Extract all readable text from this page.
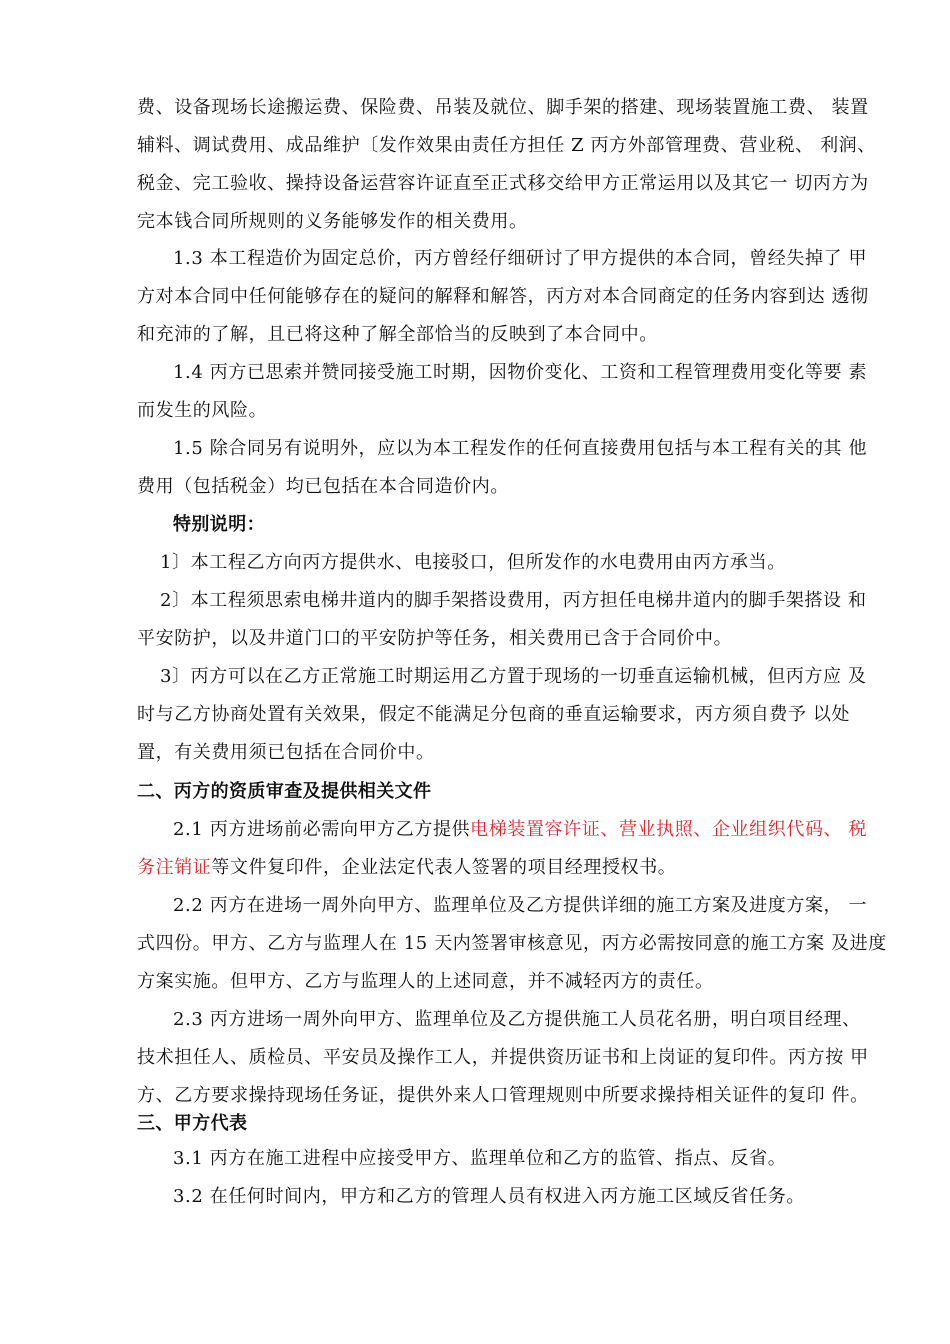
费、设备现场长途搬运费、保险费、吊装及就位、脚手架的搭建、现场装置施工费、 装置
辅料、调试费用、成品维护〔发作效果由责任方担任 Z 丙方外部管理费、营业税、 利润、
税金、完工验收、操持设备运营容许证直至正式移交给甲方正常运用以及其它一 切丙方为
完本钱合同所规则的义务能够发作的相关费用。
1.3 本工程造价为固定总价，丙方曾经仔细研讨了甲方提供的本合同，曾经失掉了 甲
方对本合同中任何能够存在的疑问的解释和解答，丙方对本合同商定的任务内容到达 透彻
和充沛的了解，且已将这种了解全部恰当的反映到了本合同中。
1.4 丙方已思索并赞同接受施工时期，因物价变化、工资和工程管理费用变化等要 素
而发生的风险。
1.5 除合同另有说明外，应以为本工程发作的任何直接费用包括与本工程有关的其 他
费用（包括税金）均已包括在本合同造价内。
特别说明：
1〕本工程乙方向丙方提供水、电接驳口，但所发作的水电费用由丙方承当。
2〕本工程须思索电梯井道内的脚手架搭设费用，丙方担任电梯井道内的脚手架搭设 和
平安防护，以及井道门口的平安防护等任务，相关费用已含于合同价中。
3〕丙方可以在乙方正常施工时期运用乙方置于现场的一切垂直运输机械，但丙方应 及
时与乙方协商处置有关效果，假定不能满足分包商的垂直运输要求，丙方须自费予 以处
置，有关费用须已包括在合同价中。
二、丙方的资质审查及提供相关文件
2.1 丙方进场前必需向甲方乙方提供电梯装置容许证、营业执照、企业组织代码、 税
务注销证等文件复印件，企业法定代表人签署的项目经理授权书。
2.2 丙方在进场一周外向甲方、监理单位及乙方提供详细的施工方案及进度方案， 一
式四份。甲方、乙方与监理人在 15 天内签署审核意见，丙方必需按同意的施工方案 及进度
方案实施。但甲方、乙方与监理人的上述同意，并不减轻丙方的责任。
2.3 丙方进场一周外向甲方、监理单位及乙方提供施工人员花名册，明白项目经理、
技术担任人、质检员、平安员及操作工人，并提供资历证书和上岗证的复印件。丙方按 甲
方、乙方要求操持现场任务证，提供外来人口管理规则中所要求操持相关证件的复印 件。
三、甲方代表
3.1 丙方在施工进程中应接受甲方、监理单位和乙方的监管、指点、反省。
3.2 在任何时间内，甲方和乙方的管理人员有权进入丙方施工区域反省任务。
